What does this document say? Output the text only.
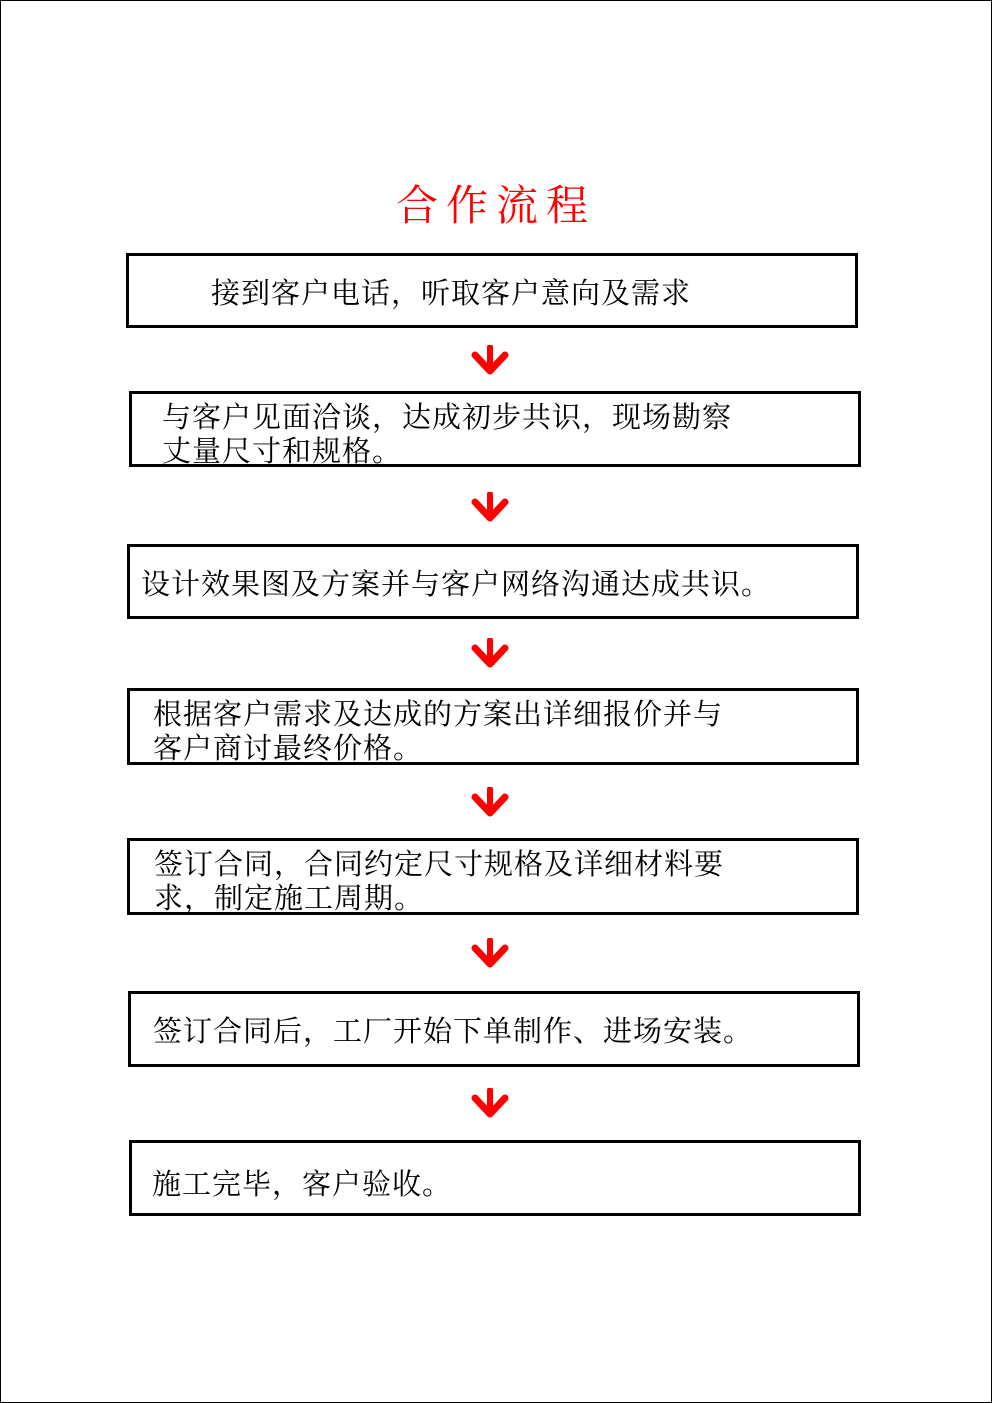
合作流程
接到客户电话，听取客户意向及需求
与客户见面洽谈，达成初步共识，现场勘察
丈量尺寸和规格。
设计效果图及方案并与客户网络沟通达成共识。
根据客户需求及达成的方案出详细报价并与
客户商讨最终价格。
签订合同，合同约定尺寸规格及详细材料要
求，制定施工周期。
签订合同后，工厂开始下单制作、进场安装。
施工完毕，客户验收。
